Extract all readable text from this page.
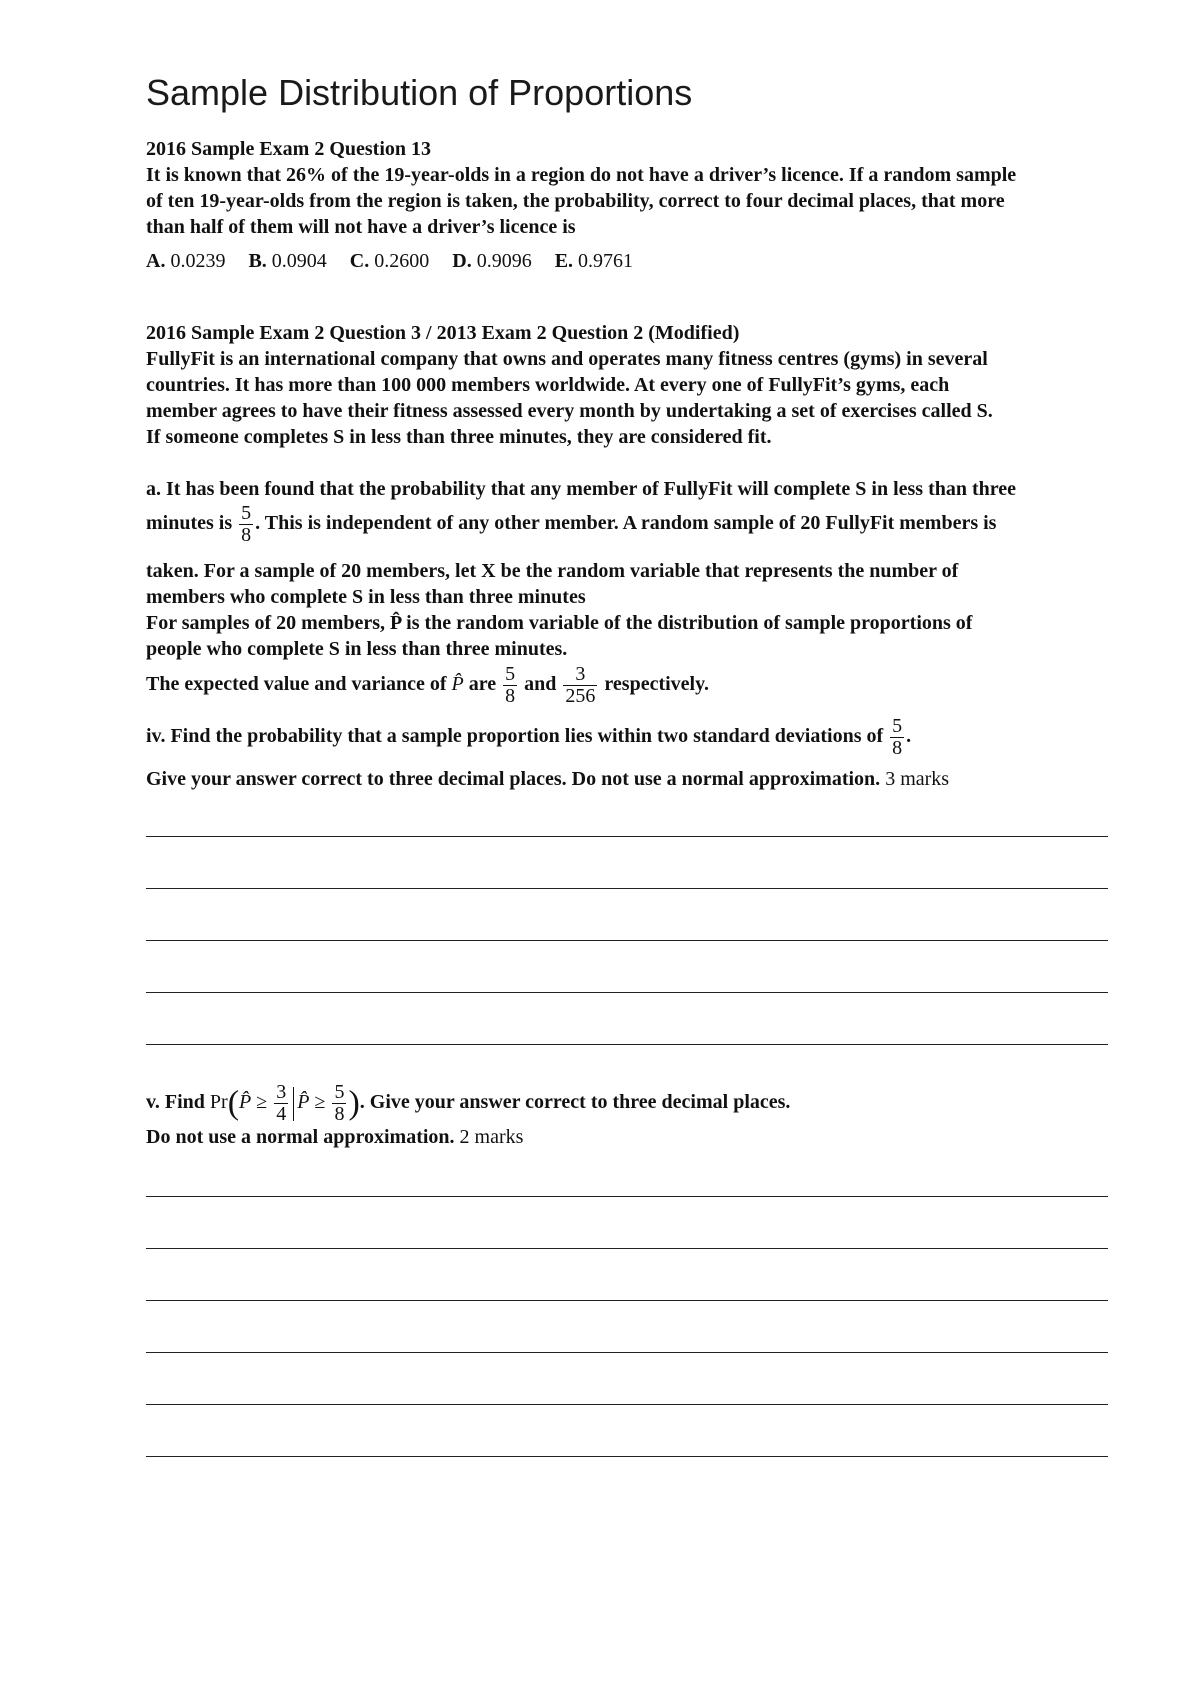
Sample Distribution of Proportions
2016 Sample Exam 2 Question 13
It is known that 26% of the 19-year-olds in a region do not have a driver’s licence. If a random sample
of ten 19-year-olds from the region is taken, the probability, correct to four decimal places, that more
than half of them will not have a driver’s licence is
A. 0.0239 B. 0.0904 C. 0.2600 D. 0.9096 E. 0.9761
2016 Sample Exam 2 Question 3 / 2013 Exam 2 Question 2 (Modified)
FullyFit is an international company that owns and operates many fitness centres (gyms) in several
countries. It has more than 100 000 members worldwide. At every one of FullyFit’s gyms, each
member agrees to have their fitness assessed every month by undertaking a set of exercises called S.
If someone completes S in less than three minutes, they are considered fit.
a. It has been found that the probability that any member of FullyFit will complete S in less than three
minutes is $\frac{5}{8}$ . This is independent of any other member. A random sample of 20 FullyFit members is
taken. For a sample of 20 members, let X be the random variable that represents the number of
members who complete S in less than three minutes
For samples of 20 members, P̂ is the random variable of the distribution of sample proportions of
people who complete S in less than three minutes.
The expected value and variance of P̂ are $\frac{5}{8}$ and $\frac{3}{256}$ respectively.
iv. Find the probability that a sample proportion lies within two standard deviations of $\frac{5}{8}$ .
Give your answer correct to three decimal places. Do not use a normal approximation. 3 marks
v. Find Pr(P̂ ≥ $\frac{3}{4}$ P̂ ≥ $\frac{5}{8}$ ). Give your answer correct to three decimal places.
Do not use a normal approximation. 2 marks
